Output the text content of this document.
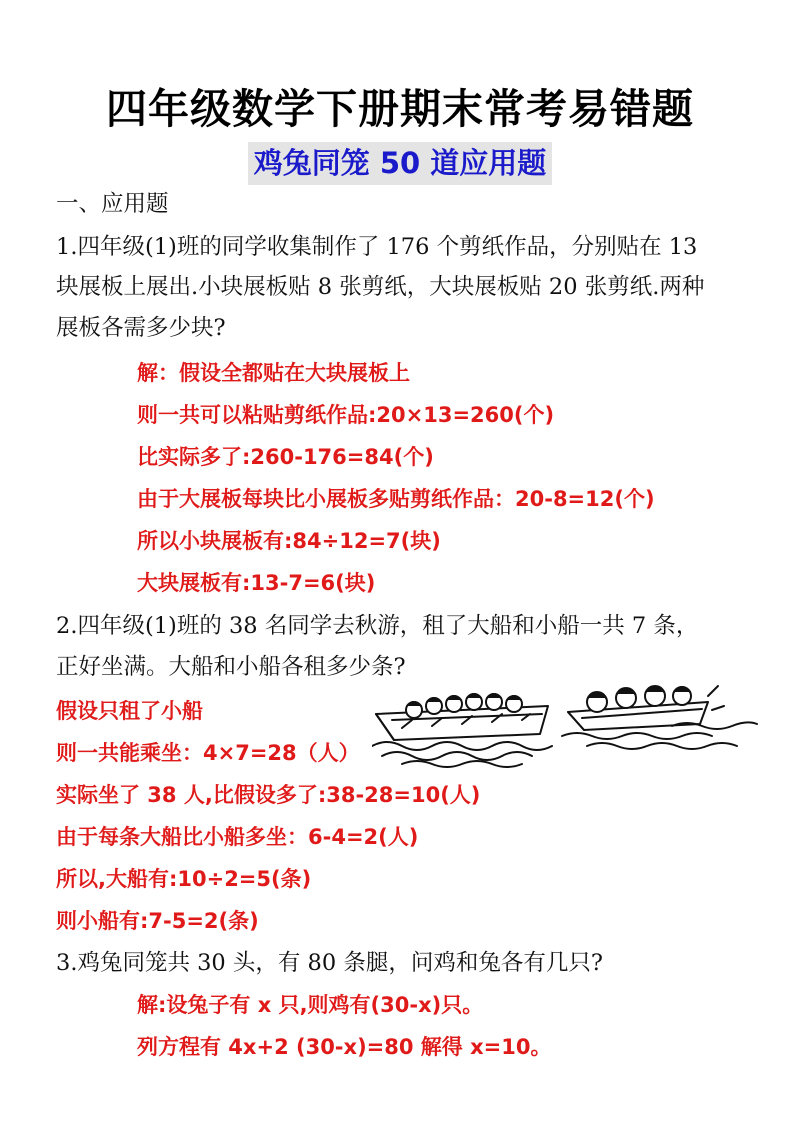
四年级数学下册期末常考易错题
鸡兔同笼 50 道应用题
一、应用题
1.四年级(1)班的同学收集制作了 176 个剪纸作品，分别贴在 13
块展板上展出.小块展板贴 8 张剪纸，大块展板贴 20 张剪纸.两种
展板各需多少块?
解：假设全都贴在大块展板上
则一共可以粘贴剪纸作品:20×13=260(个)
比实际多了:260-176=84(个)
由于大展板每块比小展板多贴剪纸作品：20-8=12(个)
所以小块展板有:84÷12=7(块)
大块展板有:13-7=6(块)
2.四年级(1)班的 38 名同学去秋游，租了大船和小船一共 7 条，
正好坐满。大船和小船各租多少条?
假设只租了小船
则一共能乘坐：4×7=28（人）
实际坐了 38 人,比假设多了:38-28=10(人)
由于每条大船比小船多坐：6-4=2(人)
所以,大船有:10÷2=5(条)
则小船有:7-5=2(条)
3.鸡兔同笼共 30 头，有 80 条腿，问鸡和兔各有几只?
解:设兔子有 x 只,则鸡有(30-x)只。
列方程有 4x+2 (30-x)=80 解得 x=10。
